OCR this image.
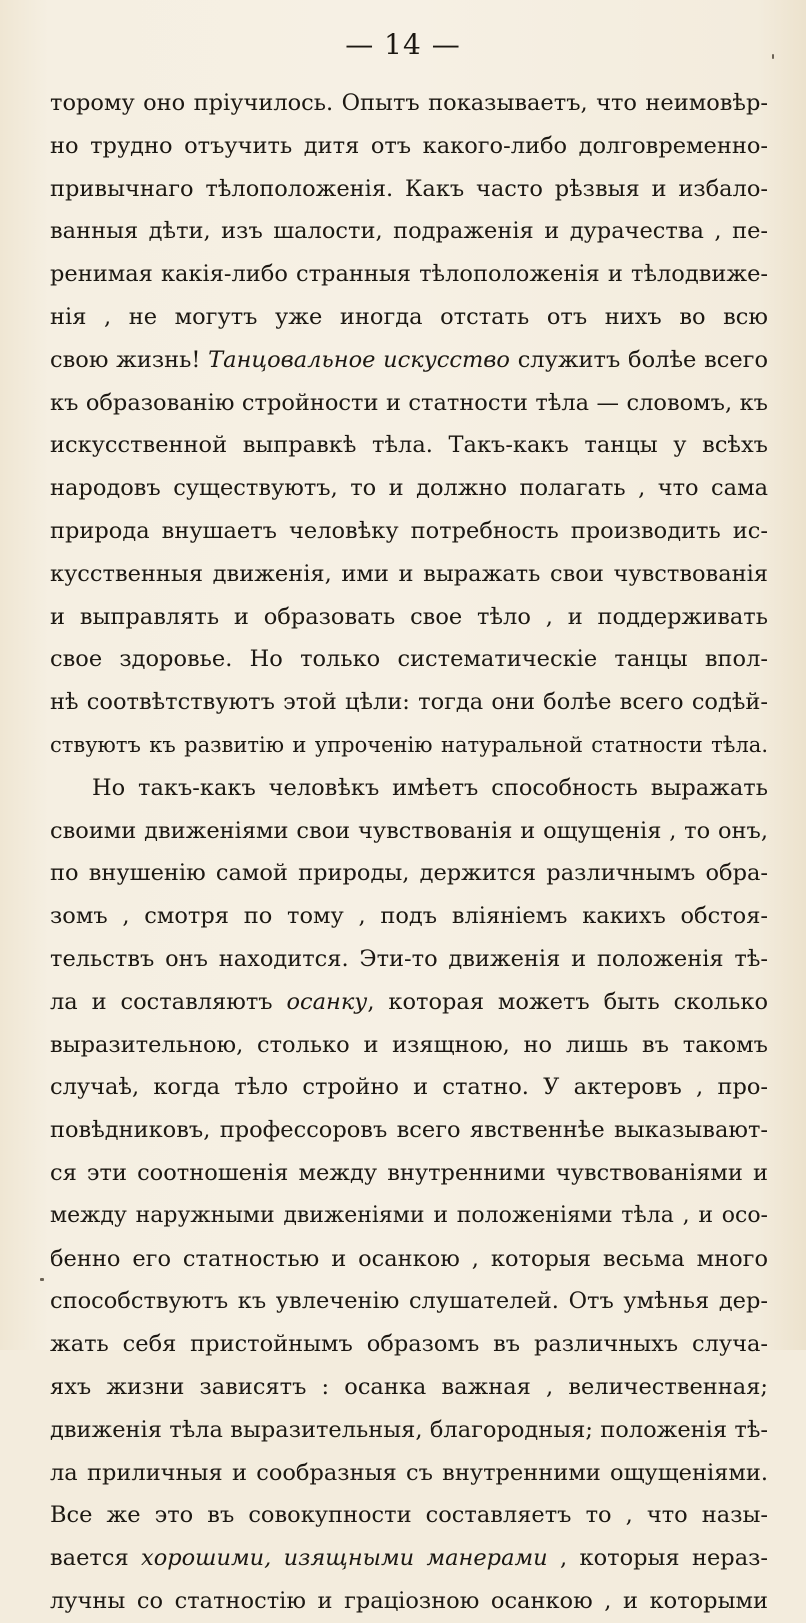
— 14 —
торому оно пріучилось. Опытъ показываетъ, что неимовѣр-
но трудно отъучить дитя отъ какого-либо долговременно-
привычнаго тѣлоположенія. Какъ часто рѣзвыя и избало-
ванныя дѣти, изъ шалости, подраженія и дурачества , пе-
ренимая какія-либо странныя тѣлоположенія и тѣлодвиже-
нія , не могутъ уже иногда отстать отъ нихъ во всю
свою жизнь! Танцовальное искусство служитъ болѣе всего
къ образованію стройности и статности тѣла — словомъ, къ
искусственной выправкѣ тѣла. Такъ-какъ танцы у всѣхъ
народовъ существуютъ, то и должно полагать , что сама
природа внушаетъ человѣку потребность производить ис-
кусственныя движенія, ими и выражать свои чувствованія
и выправлять и образовать свое тѣло , и поддерживать
свое здоровье. Но только систематическіе танцы впол-
нѣ соотвѣтствуютъ этой цѣли: тогда они болѣе всего содѣй-
ствуютъ къ развитію и упроченію натуральной статности тѣла.
Но такъ-какъ человѣкъ имѣетъ способность выражать
своими движеніями свои чувствованія и ощущенія , то онъ,
по внушенію самой природы, держится различнымъ обра-
зомъ , смотря по тому , подъ вліяніемъ какихъ обстоя-
тельствъ онъ находится. Эти-то движенія и положенія тѣ-
ла и составляютъ осанку, которая можетъ быть сколько
выразительною, столько и изящною, но лишь въ такомъ
случаѣ, когда тѣло стройно и статно. У актеровъ , про-
повѣдниковъ, профессоровъ всего явственнѣе выказывают-
ся эти соотношенія между внутренними чувствованіями и
между наружными движеніями и положеніями тѣла , и осо-
бенно его статностью и осанкою , которыя весьма много
способствуютъ къ увлеченію слушателей. Отъ умѣнья дер-
жать себя пристойнымъ образомъ въ различныхъ случа-
яхъ жизни зависятъ : осанка важная , величественная;
движенія тѣла выразительныя, благородныя; положенія тѣ-
ла приличныя и сообразныя съ внутренними ощущеніями.
Все же это въ совокупности составляетъ то , что назы-
вается хорошими, изящными манерами , которыя нераз-
лучны со статностію и граціозною осанкою , и которыми
